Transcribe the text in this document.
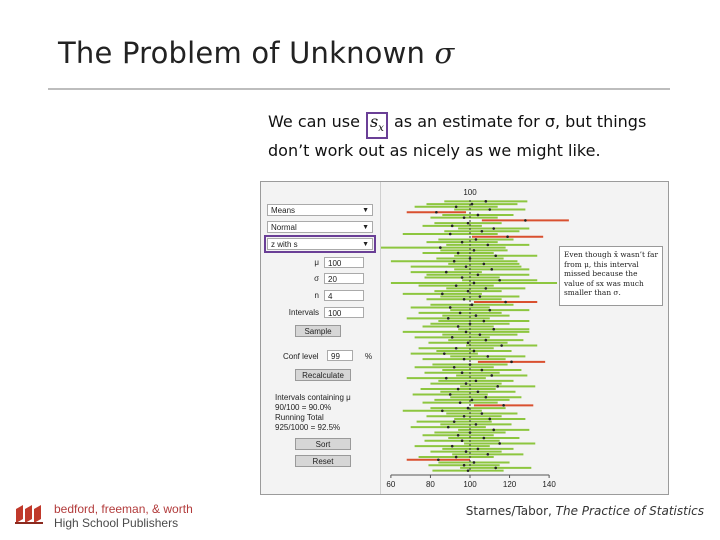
The Problem of Unknown σ
We can use $s_x$ as an estimate for σ, but things don’t work out as nicely as we might like.
Means	▼
Normal	▼
z with s	▼
μ	100
σ	20
n	4
Intervals	100
Sample
Conf level	99	%
Recalculate
Intervals containing μ
90/100 = 90.0%
Running Total
925/1000 = 92.5%
Sort
Reset
100
60	80	100	120	140
Even though x̄ wasn’t far from μ, this interval missed because the value of sx was much smaller than σ.
bedford, freeman, & worth
High School Publishers
Starnes/Tabor, The Practice of Statistics
